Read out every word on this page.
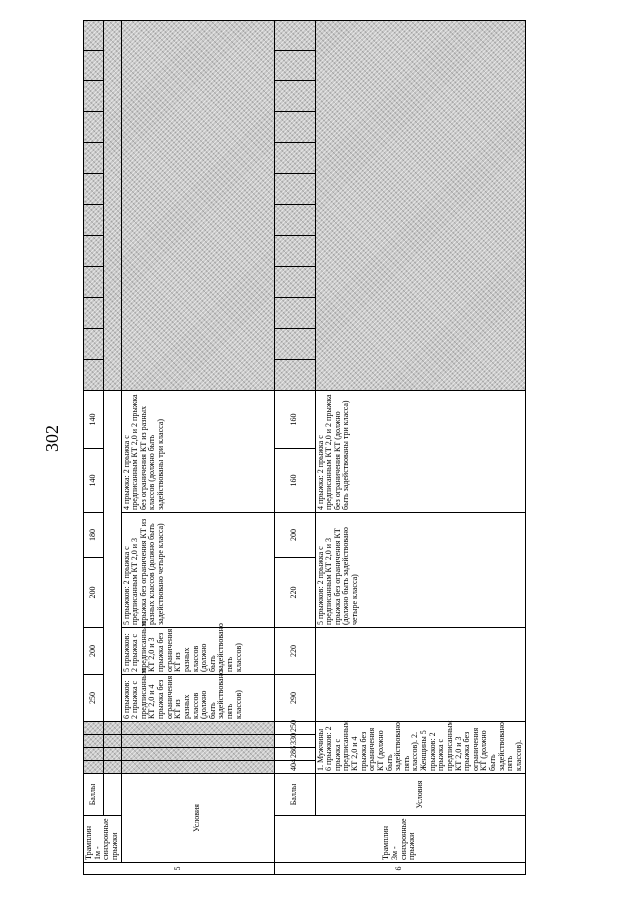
302
5	Трамплин 1м - синхронные прыжки	Баллы					250	200	200	180	140	140												

	Условия						6 прыжков: 2 прыжка с предписанным КТ 2,0 и 4 прыжка без ограничения КТ из разных классов (должно быть задействовано пять классов)	5 прыжков: 2 прыжка с предписанным КТ 2,0 и 3 прыжка без ограничения КТ из разных классов (должно быть задействовано пять классов)	5 прыжков: 2 прыжка с предписанным КТ 2,0 и 3 прыжка без ограничения КТ из разных классов (должно быть задействовано четыре класса)		4 прыжка: 2 прыжка с предписанным КТ 2,0 и 2 прыжка без ограничения КТ из разных классов (должно быть задействованы три класса)													
6	Трамплин 3м - синхронные прыжки	Баллы	404	286	330	250	290	220	220	200	160	160												
		Условия	1. Мужчины 6 прыжков: 2 прыжка с предписанным КТ 2,0 и 4 прыжка без ограничения КТ (должно быть задействовано пять классов). 2. Женщины 5 прыжков: 2 прыжка с предписанным КТ 2,0 и 3 прыжка без ограничения КТ (должно быть задействовано пять классов).						5 прыжков: 2 прыжка с предписанным КТ 2,0 и 3 прыжка без ограничения КТ (должно быть задействовано четыре класса)		4 прыжка: 2 прыжка с предписанным КТ 2,0 и 2 прыжка без ограничения КТ (должно быть задействованы три класса)													
